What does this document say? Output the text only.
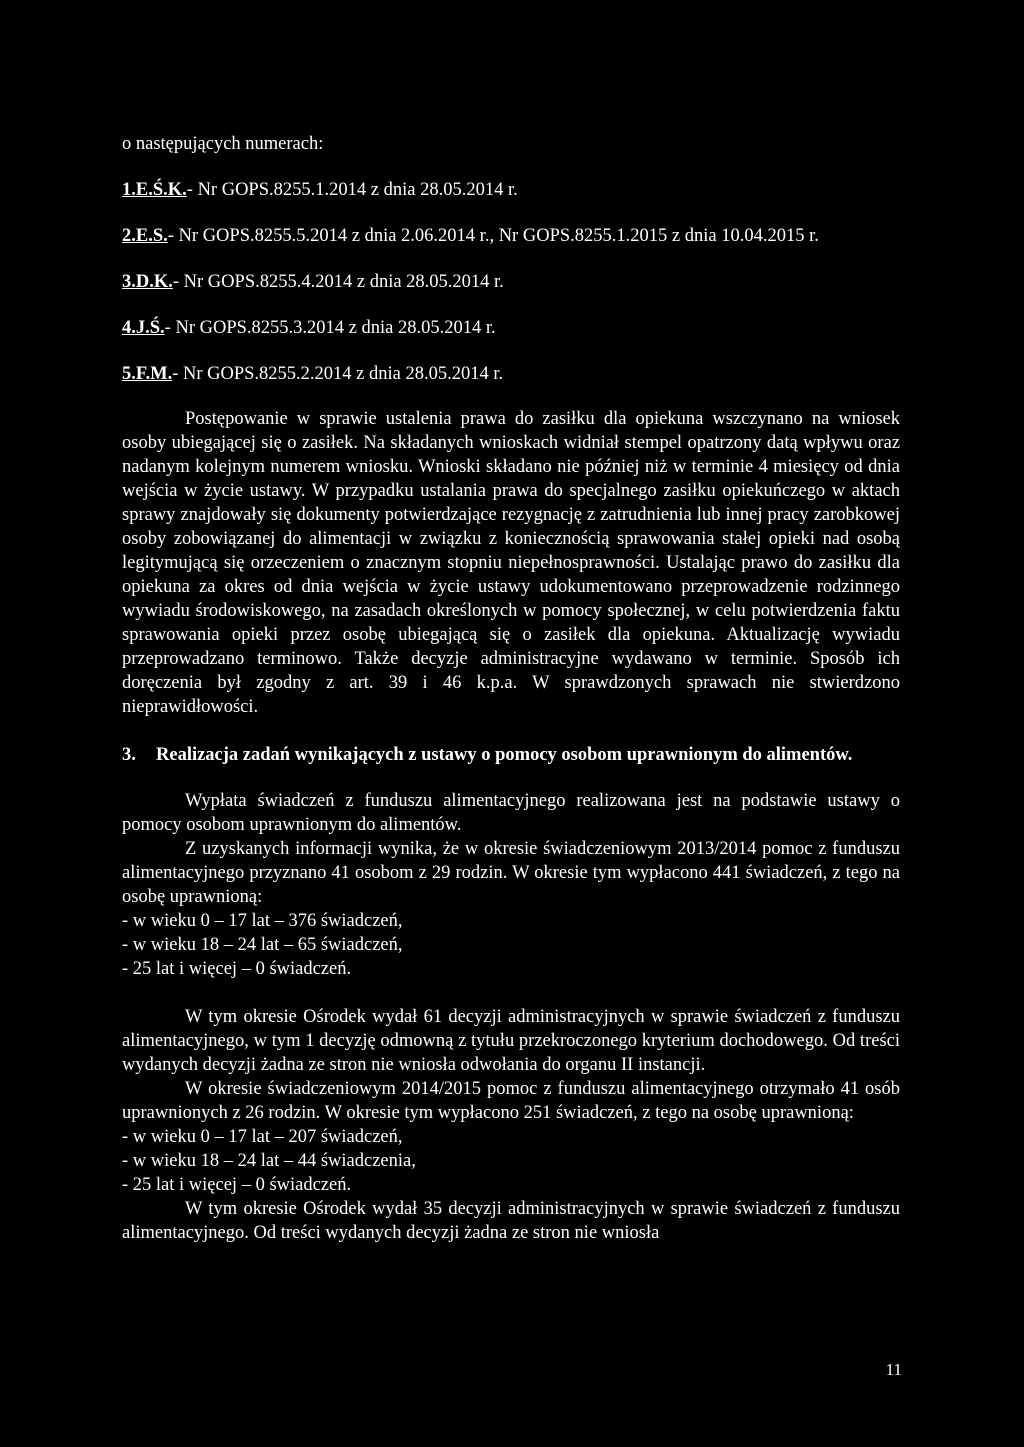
o następujących numerach:

1.E.Ś.K.- Nr GOPS.8255.1.2014 z dnia 28.05.2014 r.

2.E.S.- Nr GOPS.8255.5.2014 z dnia 2.06.2014 r., Nr GOPS.8255.1.2015 z dnia 10.04.2015 r.

3.D.K.- Nr GOPS.8255.4.2014 z dnia 28.05.2014 r.

4.J.Ś.- Nr GOPS.8255.3.2014 z dnia 28.05.2014 r.

5.F.M.- Nr GOPS.8255.2.2014 z dnia 28.05.2014 r.

Postępowanie w sprawie ustalenia prawa do zasiłku dla opiekuna wszczynano na wniosek osoby ubiegającej się o zasiłek. Na składanych wnioskach widniał stempel opatrzony datą wpływu oraz nadanym kolejnym numerem wniosku. Wnioski składano nie później niż w terminie 4 miesięcy od dnia wejścia w życie ustawy. W przypadku ustalania prawa do specjalnego zasiłku opiekuńczego w aktach sprawy znajdowały się dokumenty potwierdzające rezygnację z zatrudnienia lub innej pracy zarobkowej osoby zobowiązanej do alimentacji w związku z koniecznością sprawowania stałej opieki nad osobą legitymującą się orzeczeniem o znacznym stopniu niepełnosprawności. Ustalając prawo do zasiłku dla opiekuna za okres od dnia wejścia w życie ustawy udokumentowano przeprowadzenie rodzinnego wywiadu środowiskowego, na zasadach określonych w pomocy społecznej, w celu potwierdzenia faktu sprawowania opieki przez osobę ubiegającą się o zasiłek dla opiekuna. Aktualizację wywiadu przeprowadzano terminowo. Także decyzje administracyjne wydawano w terminie. Sposób ich doręczenia był zgodny z art. 39 i 46 k.p.a. W sprawdzonych sprawach nie stwierdzono nieprawidłowości.

3.	Realizacja zadań wynikających z ustawy o pomocy osobom uprawnionym do alimentów.

Wypłata świadczeń z funduszu alimentacyjnego realizowana jest na podstawie ustawy o pomocy osobom uprawnionym do alimentów.

Z uzyskanych informacji wynika, że w okresie świadczeniowym 2013/2014 pomoc z funduszu alimentacyjnego przyznano 41 osobom z 29 rodzin. W okresie tym wypłacono 441 świadczeń, z tego na osobę uprawnioną:

- w wieku 0 – 17 lat – 376 świadczeń,

- w wieku 18 – 24 lat – 65 świadczeń,

- 25 lat i więcej – 0 świadczeń.

W tym okresie Ośrodek wydał 61 decyzji administracyjnych w sprawie świadczeń z funduszu alimentacyjnego, w tym 1 decyzję odmowną z tytułu przekroczonego kryterium dochodowego. Od treści wydanych decyzji żadna ze stron nie wniosła odwołania do organu II instancji.

W okresie świadczeniowym 2014/2015 pomoc z funduszu alimentacyjnego otrzymało 41 osób uprawnionych z 26 rodzin. W okresie tym wypłacono 251 świadczeń, z tego na osobę uprawnioną:

- w wieku 0 – 17 lat – 207 świadczeń,

- w wieku 18 – 24 lat – 44 świadczenia,

- 25 lat i więcej – 0 świadczeń.

W tym okresie Ośrodek wydał 35 decyzji administracyjnych w sprawie świadczeń z funduszu alimentacyjnego. Od treści wydanych decyzji żadna ze stron nie wniosła

11
